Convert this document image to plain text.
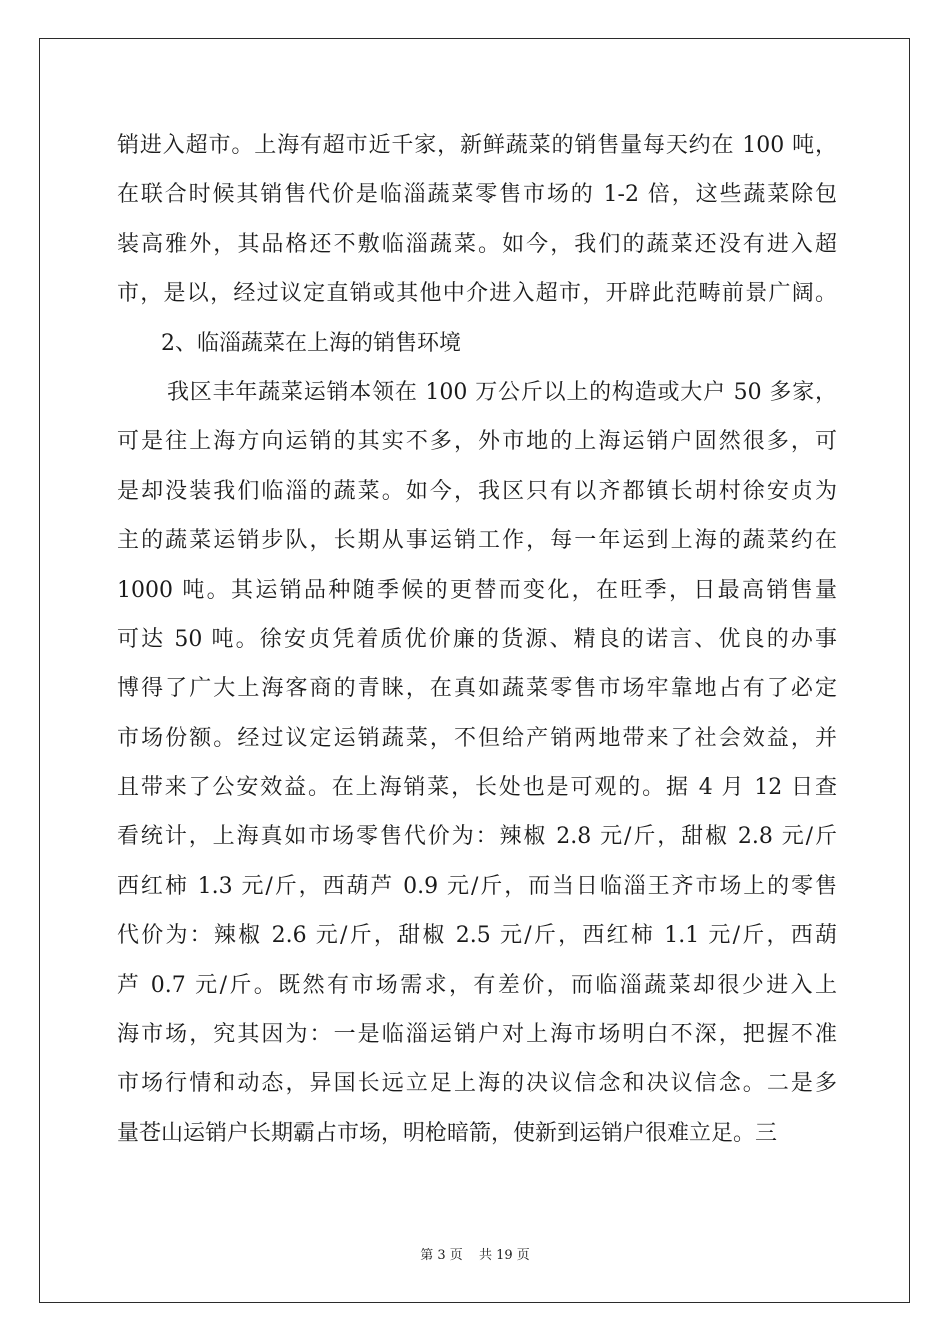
销进入超市。上海有超市近千家，新鲜蔬菜的销售量每天约在 100 吨，
在联合时候其销售代价是临淄蔬菜零售市场的 1-2 倍，这些蔬菜除包
装高雅外，其品格还不敷临淄蔬菜。如今，我们的蔬菜还没有进入超
市，是以，经过议定直销或其他中介进入超市，开辟此范畴前景广阔。
2、临淄蔬菜在上海的销售环境
我区丰年蔬菜运销本领在 100 万公斤以上的构造或大户 50 多家，
可是往上海方向运销的其实不多，外市地的上海运销户固然很多，可
是却没装我们临淄的蔬菜。如今，我区只有以齐都镇长胡村徐安贞为
主的蔬菜运销步队，长期从事运销工作，每一年运到上海的蔬菜约在
1000 吨。其运销品种随季候的更替而变化，在旺季，日最高销售量
可达 50 吨。徐安贞凭着质优价廉的货源、精良的诺言、优良的办事
博得了广大上海客商的青睐，在真如蔬菜零售市场牢靠地占有了必定
市场份额。经过议定运销蔬菜，不但给产销两地带来了社会效益，并
且带来了公安效益。在上海销菜，长处也是可观的。据 4 月 12 日查
看统计，上海真如市场零售代价为：辣椒 2.8 元/斤，甜椒 2.8 元/斤
西红柿 1.3 元/斤，西葫芦 0.9 元/斤，而当日临淄王齐市场上的零售
代价为：辣椒 2.6 元/斤，甜椒 2.5 元/斤，西红柿 1.1 元/斤，西葫
芦 0.7 元/斤。既然有市场需求，有差价，而临淄蔬菜却很少进入上
海市场，究其因为：一是临淄运销户对上海市场明白不深，把握不准
市场行情和动态，异国长远立足上海的决议信念和决议信念。二是多
量苍山运销户长期霸占市场，明枪暗箭，使新到运销户很难立足。三
第 3 页 共 19 页
